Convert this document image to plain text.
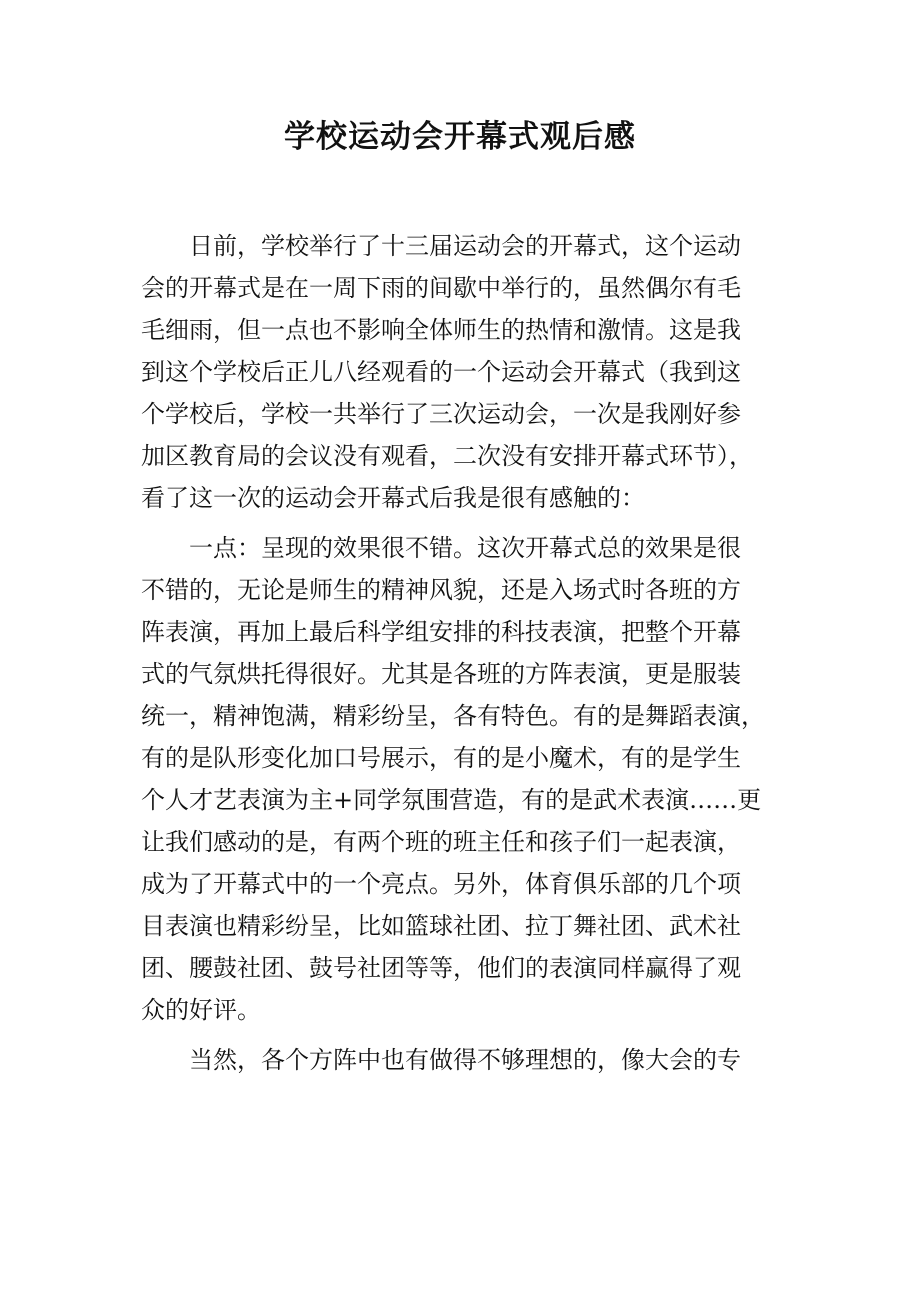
学校运动会开幕式观后感
日前，学校举行了十三届运动会的开幕式，这个运动
会的开幕式是在一周下雨的间歇中举行的，虽然偶尔有毛
毛细雨，但一点也不影响全体师生的热情和激情。这是我
到这个学校后正儿八经观看的一个运动会开幕式（我到这
个学校后，学校一共举行了三次运动会，一次是我刚好参
加区教育局的会议没有观看，二次没有安排开幕式环节），
看了这一次的运动会开幕式后我是很有感触的：
一点：呈现的效果很不错。这次开幕式总的效果是很
不错的，无论是师生的精神风貌，还是入场式时各班的方
阵表演，再加上最后科学组安排的科技表演，把整个开幕
式的气氛烘托得很好。尤其是各班的方阵表演，更是服装
统一，精神饱满，精彩纷呈，各有特色。有的是舞蹈表演，
有的是队形变化加口号展示，有的是小魔术，有的是学生
个人才艺表演为主+同学氛围营造，有的是武术表演……更
让我们感动的是，有两个班的班主任和孩子们一起表演，
成为了开幕式中的一个亮点。另外，体育俱乐部的几个项
目表演也精彩纷呈，比如篮球社团、拉丁舞社团、武术社
团、腰鼓社团、鼓号社团等等，他们的表演同样赢得了观
众的好评。
当然，各个方阵中也有做得不够理想的，像大会的专
